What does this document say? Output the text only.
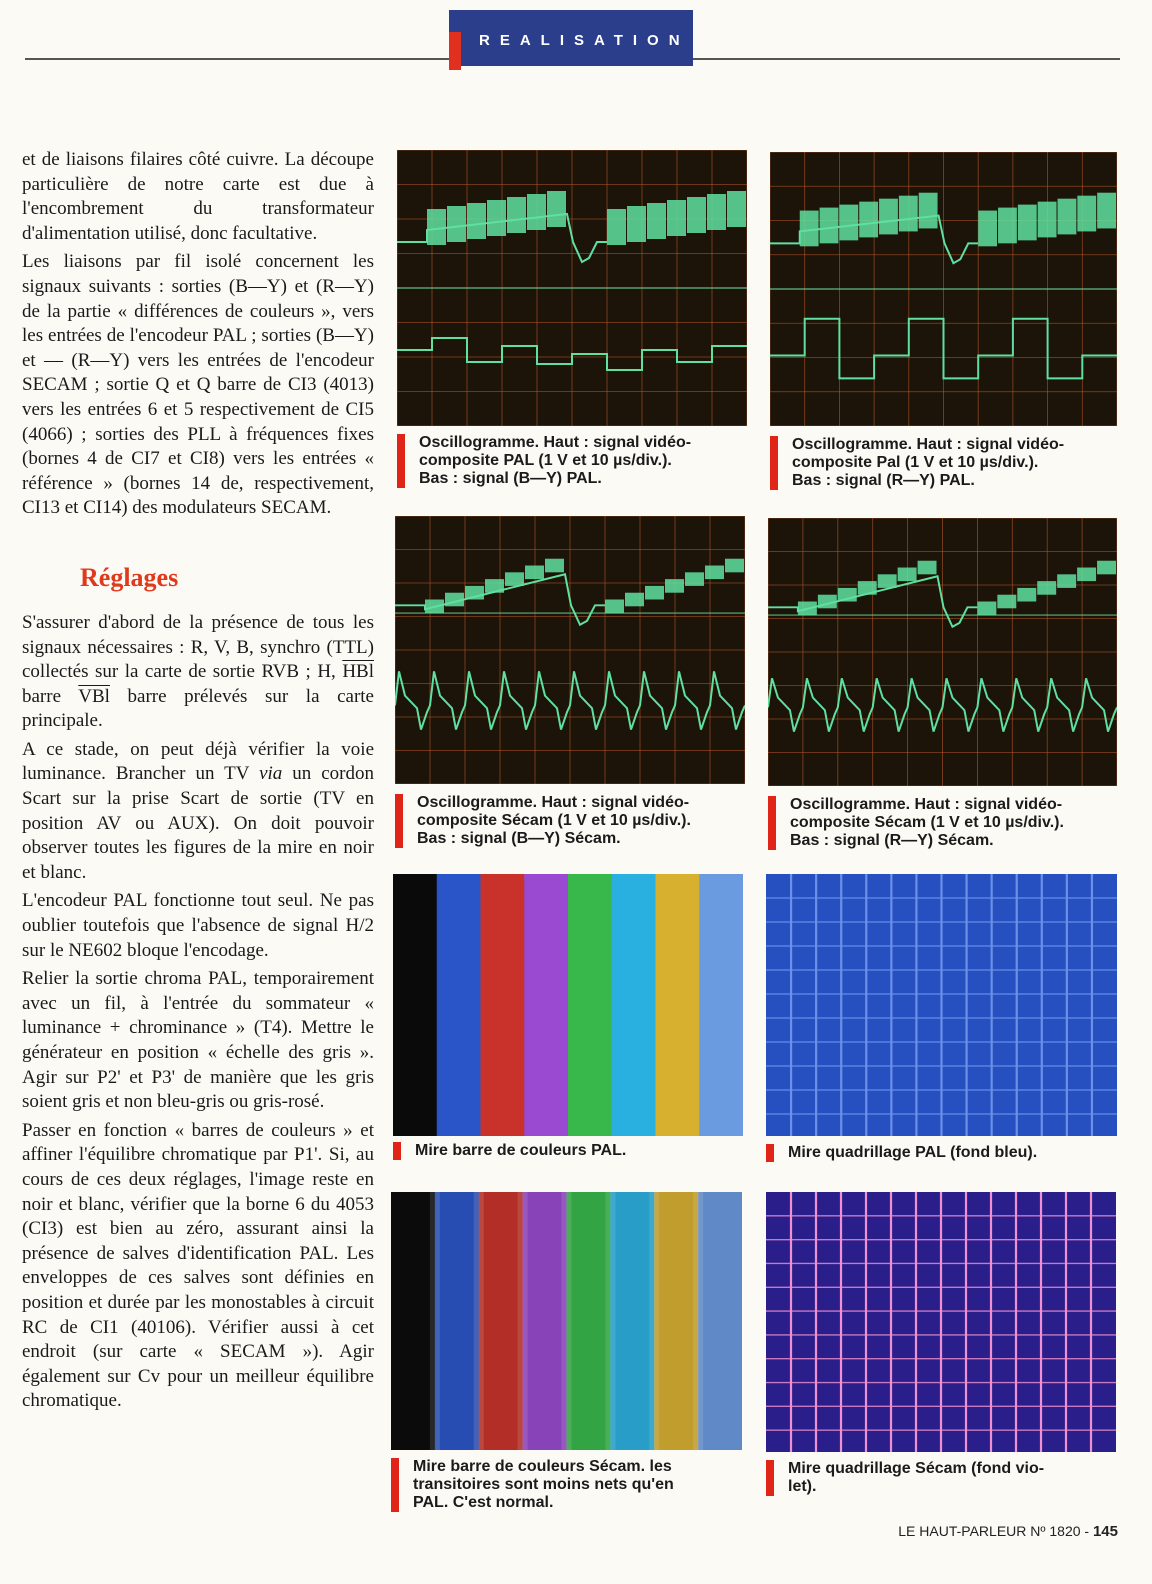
REALISATION

et de liaisons filaires côté cuivre. La découpe particulière de notre carte est due à l'encombrement du transformateur d'alimentation utilisé, donc facultative.

Les liaisons par fil isolé concernent les signaux suivants : sorties (B—Y) et (R—Y) de la partie « différences de couleurs », vers les entrées de l'encodeur PAL ; sorties (B—Y) et — (R—Y) vers les entrées de l'encodeur SECAM ; sortie Q et Q barre de CI3 (4013) vers les entrées 6 et 5 respectivement de CI5 (4066) ; sorties des PLL à fréquences fixes (bornes 4 de CI7 et CI8) vers les entrées « référence » (bornes 14 de, respectivement, CI13 et CI14) des modulateurs SECAM.

Réglages

S'assurer d'abord de la présence de tous les signaux nécessaires : R, V, B, synchro (TTL) collectés sur la carte de sortie RVB ; H, $\overline{HBl}$ barre $\overline{VBl}$ barre prélevés sur la carte principale.

A ce stade, on peut déjà vérifier la voie luminance. Brancher un TV via un cordon Scart sur la prise Scart de sortie (TV en position AV ou AUX). On doit pouvoir observer toutes les figures de la mire en noir et blanc.

L'encodeur PAL fonctionne tout seul. Ne pas oublier toutefois que l'absence de signal H/2 sur le NE602 bloque l'encodage.

Relier la sortie chroma PAL, temporairement avec un fil, à l'entrée du sommateur « luminance + chrominance » (T4). Mettre le générateur en position « échelle des gris ». Agir sur P2' et P3' de manière que les gris soient gris et non bleu-gris ou gris-rosé.

Passer en fonction « barres de couleurs » et affiner l'équilibre chromatique par P1'. Si, au cours de ces deux réglages, l'image reste en noir et blanc, vérifier que la borne 6 du 4053 (CI3) est bien au zéro, assurant ainsi la présence de salves d'identification PAL. Les enveloppes de ces salves sont définies en position et durée par les monostables à circuit RC de CI1 (40106). Vérifier aussi à cet endroit (sur carte « SECAM »). Agir également sur Cv pour un meilleur équilibre chromatique.

Oscillogramme. Haut : signal vidéo-
composite PAL (1 V et 10 µs/div.).
Bas : signal (B—Y) PAL.
Oscillogramme. Haut : signal vidéo-
composite Pal (1 V et 10 µs/div.).
Bas : signal (R—Y) PAL.
Oscillogramme. Haut : signal vidéo-
composite Sécam (1 V et 10 µs/div.).
Bas : signal (B—Y) Sécam.
Oscillogramme. Haut : signal vidéo-
composite Sécam (1 V et 10 µs/div.).
Bas : signal (R—Y) Sécam.
Mire barre de couleurs PAL.	Mire quadrillage PAL (fond bleu).
Mire barre de couleurs Sécam. les
transitoires sont moins nets qu'en
PAL. C'est normal.
Mire quadrillage Sécam (fond vio-
let).
LE HAUT-PARLEUR Nº 1820 - 145
